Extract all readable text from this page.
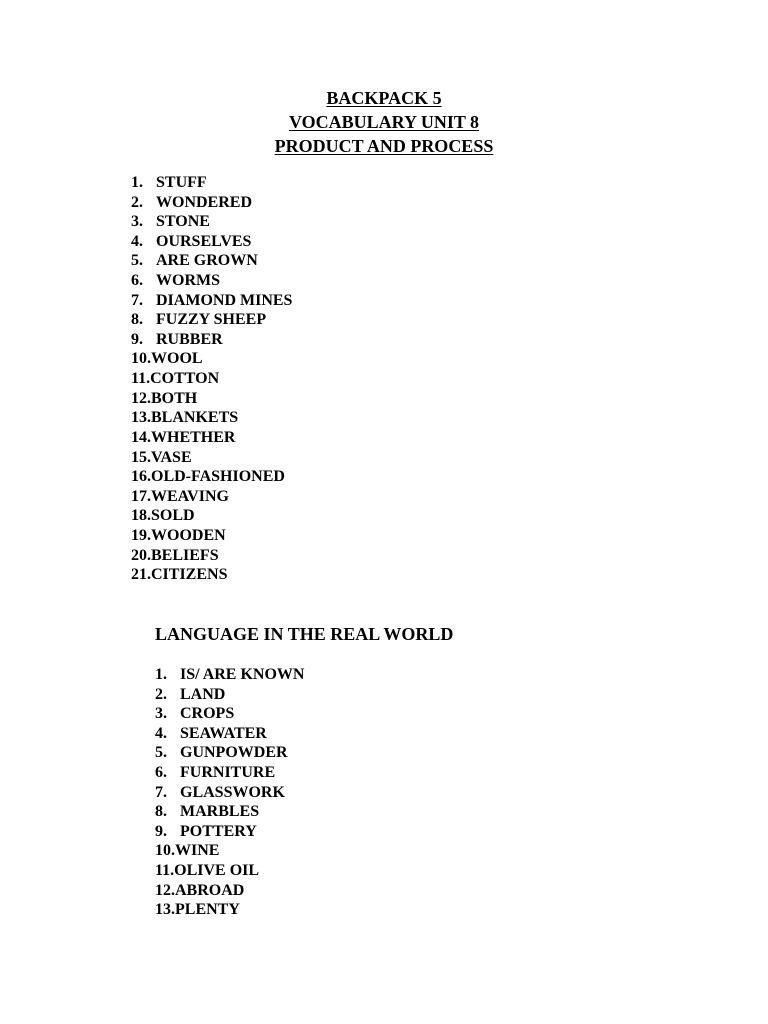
BACKPACK 5
VOCABULARY UNIT 8
PRODUCT AND PROCESS
1. STUFF
2. WONDERED
3. STONE
4. OURSELVES
5. ARE GROWN
6. WORMS
7. DIAMOND MINES
8. FUZZY SHEEP
9. RUBBER
10.WOOL
11.COTTON
12.BOTH
13.BLANKETS
14.WHETHER
15.VASE
16.OLD-FASHIONED
17.WEAVING
18.SOLD
19.WOODEN
20.BELIEFS
21.CITIZENS
LANGUAGE IN THE REAL WORLD
1. IS/ ARE KNOWN
2. LAND
3. CROPS
4. SEAWATER
5. GUNPOWDER
6. FURNITURE
7. GLASSWORK
8. MARBLES
9. POTTERY
10.WINE
11.OLIVE OIL
12.ABROAD
13.PLENTY
